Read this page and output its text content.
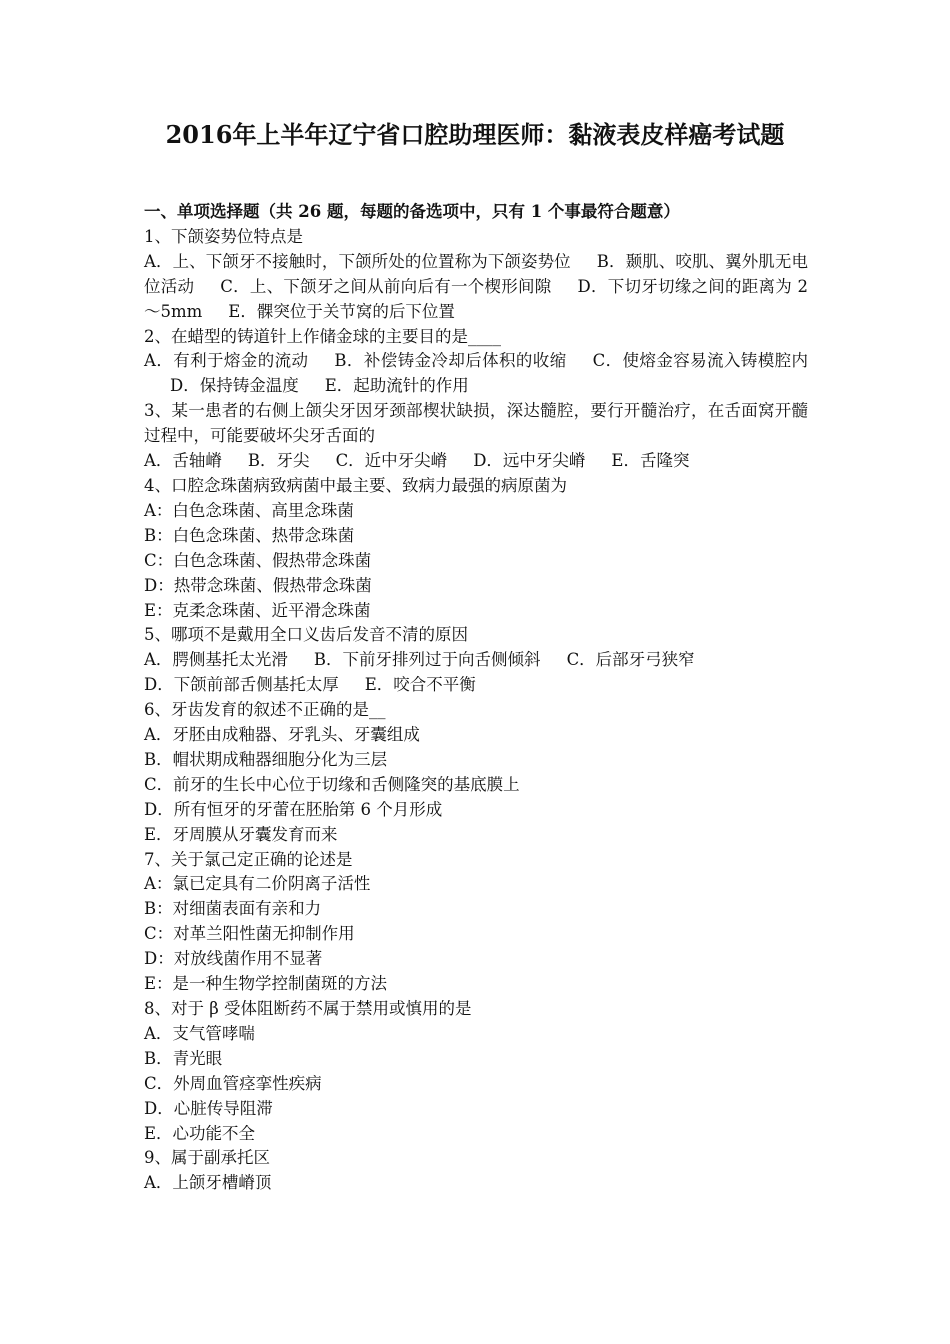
2016年上半年辽宁省口腔助理医师：黏液表皮样癌考试题
一、单项选择题（共 26 题，每题的备选项中，只有 1 个事最符合题意）
1、下颌姿势位特点是
A．上、下颌牙不接触时，下颌所处的位置称为下颌姿势位 B．颞肌、咬肌、翼外肌无电位活动 C．上、下颌牙之间从前向后有一个楔形间隙 D．下切牙切缘之间的距离为 2～5mm E．髁突位于关节窝的后下位置
2、在蜡型的铸道针上作储金球的主要目的是____
A．有利于熔金的流动 B．补偿铸金冷却后体积的收缩 C．使熔金容易流入铸模腔内D．保持铸金温度 E．起助流针的作用
3、某一患者的右侧上颌尖牙因牙颈部楔状缺损，深达髓腔，要行开髓治疗，在舌面窝开髓过程中，可能要破坏尖牙舌面的
A．舌轴嵴 B．牙尖 C．近中牙尖嵴 D．远中牙尖嵴 E．舌隆突
4、口腔念珠菌病致病菌中最主要、致病力最强的病原菌为
A：白色念珠菌、高里念珠菌
B：白色念珠菌、热带念珠菌
C：白色念珠菌、假热带念珠菌
D：热带念珠菌、假热带念珠菌
E：克柔念珠菌、近平滑念珠菌
5、哪项不是戴用全口义齿后发音不清的原因
A．腭侧基托太光滑 B．下前牙排列过于向舌侧倾斜 C．后部牙弓狭窄
D．下颌前部舌侧基托太厚 E．咬合不平衡
6、牙齿发育的叙述不正确的是__
A．牙胚由成釉器、牙乳头、牙囊组成
B．帽状期成釉器细胞分化为三层
C．前牙的生长中心位于切缘和舌侧隆突的基底膜上
D．所有恒牙的牙蕾在胚胎第 6 个月形成
E．牙周膜从牙囊发育而来
7、关于氯己定正确的论述是
A：氯已定具有二价阴离子活性
B：对细菌表面有亲和力
C：对革兰阳性菌无抑制作用
D：对放线菌作用不显著
E：是一种生物学控制菌斑的方法
8、对于 β 受体阻断药不属于禁用或慎用的是
A．支气管哮喘
B．青光眼
C．外周血管痉挛性疾病
D．心脏传导阻滞
E．心功能不全
9、属于副承托区
A．上颌牙槽嵴顶
